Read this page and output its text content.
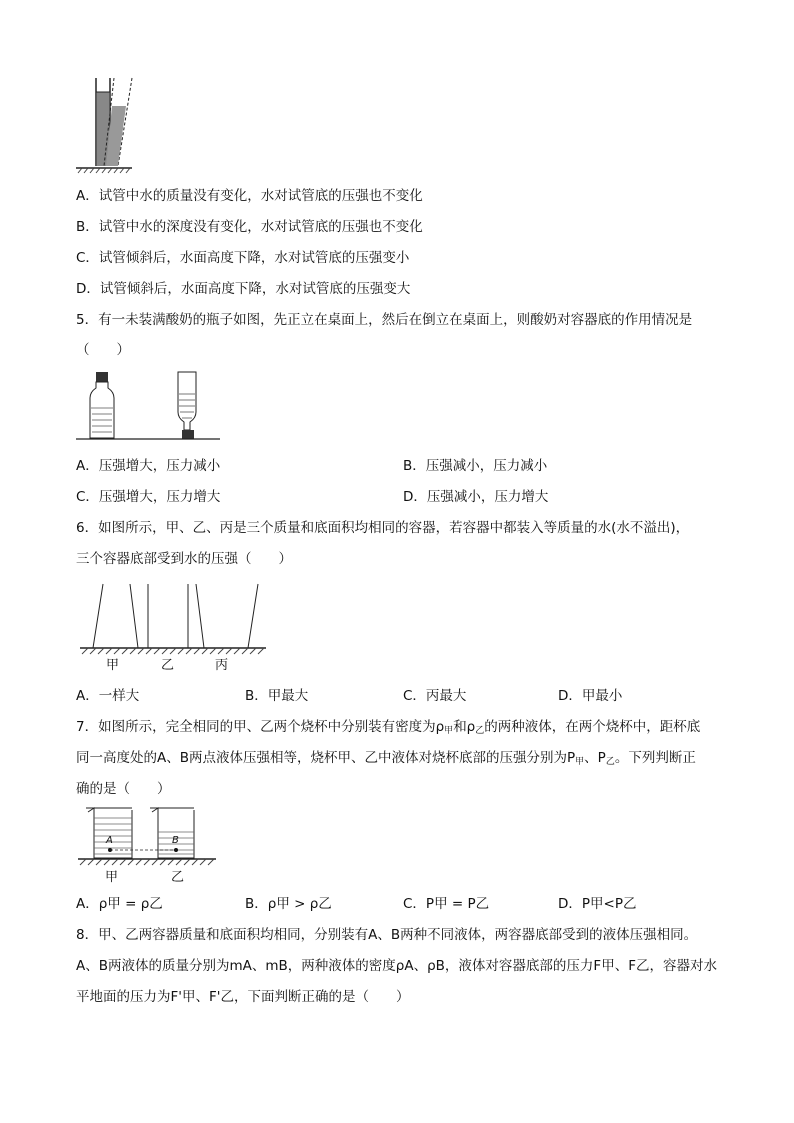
A．试管中水的质量没有变化，水对试管底的压强也不变化
B．试管中水的深度没有变化，水对试管底的压强也不变化
C．试管倾斜后，水面高度下降，水对试管底的压强变小
D．试管倾斜后，水面高度下降，水对试管底的压强变大
5．有一未装满酸奶的瓶子如图，先正立在桌面上，然后在倒立在桌面上，则酸奶对容器底的作用情况是
（　　）
A．压强增大，压力减小	B．压强减小，压力减小
C．压强增大，压力增大	D．压强减小，压力增大
6．如图所示，甲、乙、丙是三个质量和底面积均相同的容器，若容器中都装入等质量的水(水不溢出)，
三个容器底部受到水的压强（　　）
甲	乙	丙
A．一样大	B．甲最大	C．丙最大	D．甲最小
7．如图所示，完全相同的甲、乙两个烧杯中分别装有密度为$\rho_甲$和$\rho_乙$的两种液体，在两个烧杯中，距杯底
同一高度处的A、B两点液体压强相等，烧杯甲、乙中液体对烧杯底部的压强分别为$P_甲$、$P_乙$。下列判断正
确的是（　　）
A	B
甲	乙
A．ρ甲 = ρ乙	B．ρ甲 > ρ乙	C．P甲 = P乙	D．P甲<P乙
8．甲、乙两容器质量和底面积均相同，分别装有A、B两种不同液体，两容器底部受到的液体压强相同。
A、B两液体的质量分别为mA、mB，两种液体的密度ρA、ρB，液体对容器底部的压力F甲、F乙，容器对水
平地面的压力为F'甲、F'乙，下面判断正确的是（　　）
